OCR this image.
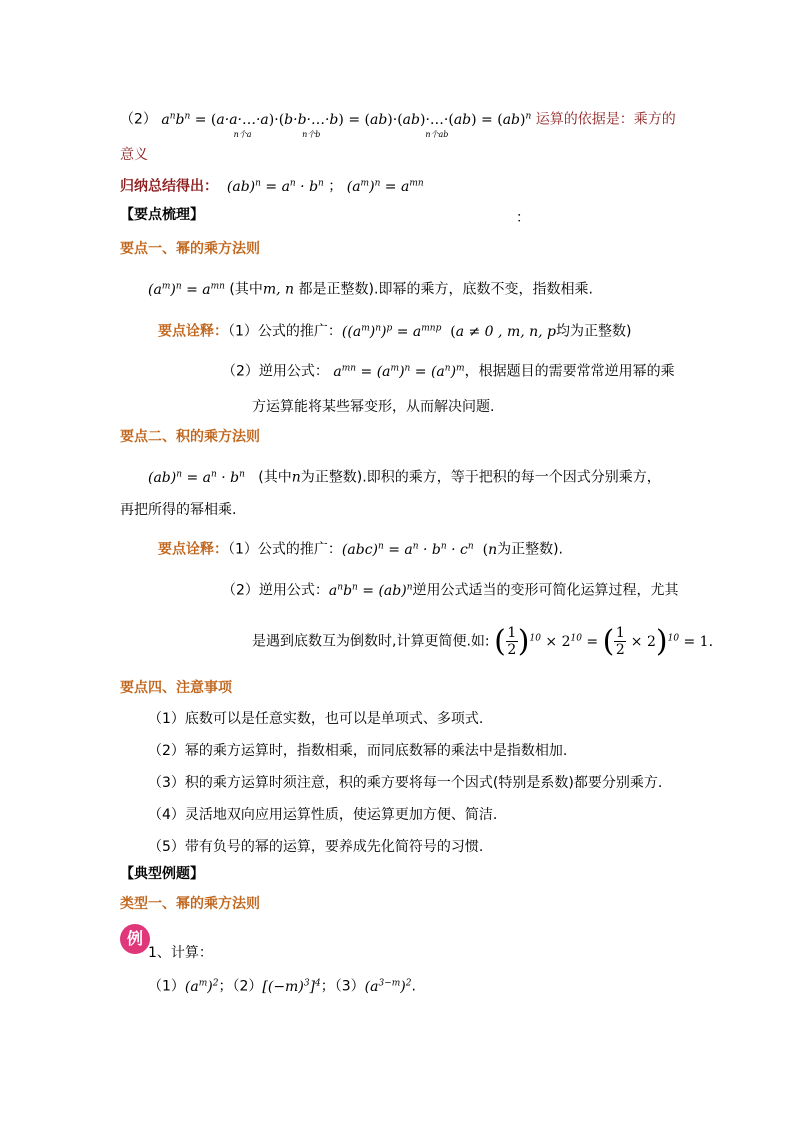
（2） $a^nb^n$ = (a·a·…·a
n个a
)·(b·b·…·b
n个b
) = (ab)·(ab)·…·(ab)
n个ab
= (ab)$^n$ 运算的依据是：乘方的
意义
归纳总结得出：  $(ab)^n = a^n \cdot b^n$ ； $(a^m)^n = a^{mn}$
【要点梳理】	：
要点一、幂的乘方法则
$(a^m)^n = a^{mn}$ (其中m, n 都是正整数).即幂的乘方，底数不变，指数相乘.
要点诠释：（1）公式的推广：$((a^m)^n)^p = a^{mnp}$ (a ≠ 0 , m, n, p均为正整数)
（2）逆用公式： $a^{mn} = (a^m)^n = (a^n)^m$，根据题目的需要常常逆用幂的乘
方运算能将某些幂变形，从而解决问题.
要点二、积的乘方法则
$(ab)^n = a^n \cdot b^n$ (其中n为正整数).即积的乘方，等于把积的每一个因式分别乘方，
再把所得的幂相乘.
要点诠释：（1）公式的推广：$(abc)^n = a^n \cdot b^n \cdot c^n$ (n为正整数).
（2）逆用公式：$a^nb^n = (ab)^n$逆用公式适当的变形可简化运算过程，尤其
是遇到底数互为倒数时,计算更简便.如: ( $\frac{1}{2} )^{10} \times 2^{10}$ = ( $\frac{1}{2} \times 2)^{10} = 1$.
要点四、注意事项
（1）底数可以是任意实数，也可以是单项式、多项式.
（2）幂的乘方运算时，指数相乘，而同底数幂的乘法中是指数相加.
（3）积的乘方运算时须注意，积的乘方要将每一个因式(特别是系数)都要分别乘方.
（4）灵活地双向应用运算性质，使运算更加方便、简洁.
（5）带有负号的幂的运算，要养成先化简符号的习惯.
【典型例题】
类型一、幂的乘方法则
例
1、计算：
$(1)(a^m)^2$；$(2)[(-m)^3]^4$；$(3)(a^{3-m})^2$.
